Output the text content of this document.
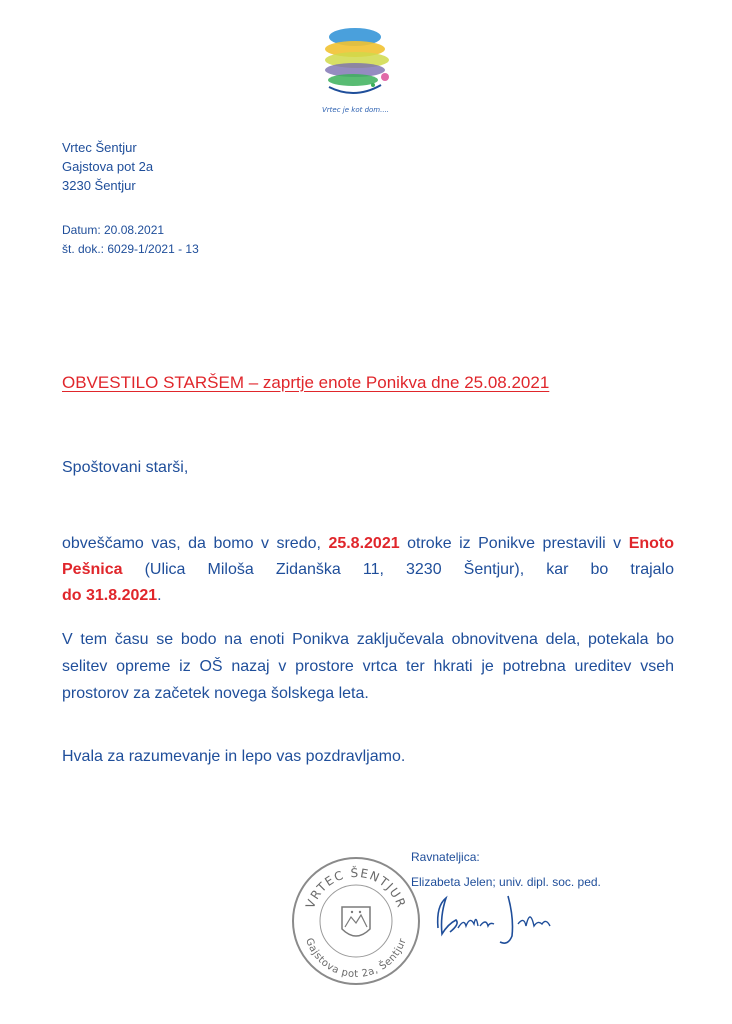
Vrtec je kot dom....
Vrtec Šentjur
Gajstova pot 2a
3230 Šentjur
Datum: 20.08.2021
št. dok.: 6029-1/2021 - 13
OBVESTILO STARŠEM – zaprtje enote Ponikva dne 25.08.2021
Spoštovani starši,
obveščamo vas, da bomo v sredo, 25.8.2021 otroke iz Ponikve prestavili v Enoto Pešnica (Ulica Miloša Zidanška 11, 3230 Šentjur), kar bo trajalo
do 31.8.2021.
V tem času se bodo na enoti Ponikva zaključevala obnovitvena dela, potekala bo selitev opreme iz OŠ nazaj v prostore vrtca ter hkrati je potrebna ureditev vseh prostorov za začetek novega šolskega leta.
Hvala za razumevanje in lepo vas pozdravljamo.
Ravnateljica:
Elizabeta Jelen; univ. dipl. soc. ped.
VRTEC ŠENTJUR
Gajstova pot 2a, Šentjur
